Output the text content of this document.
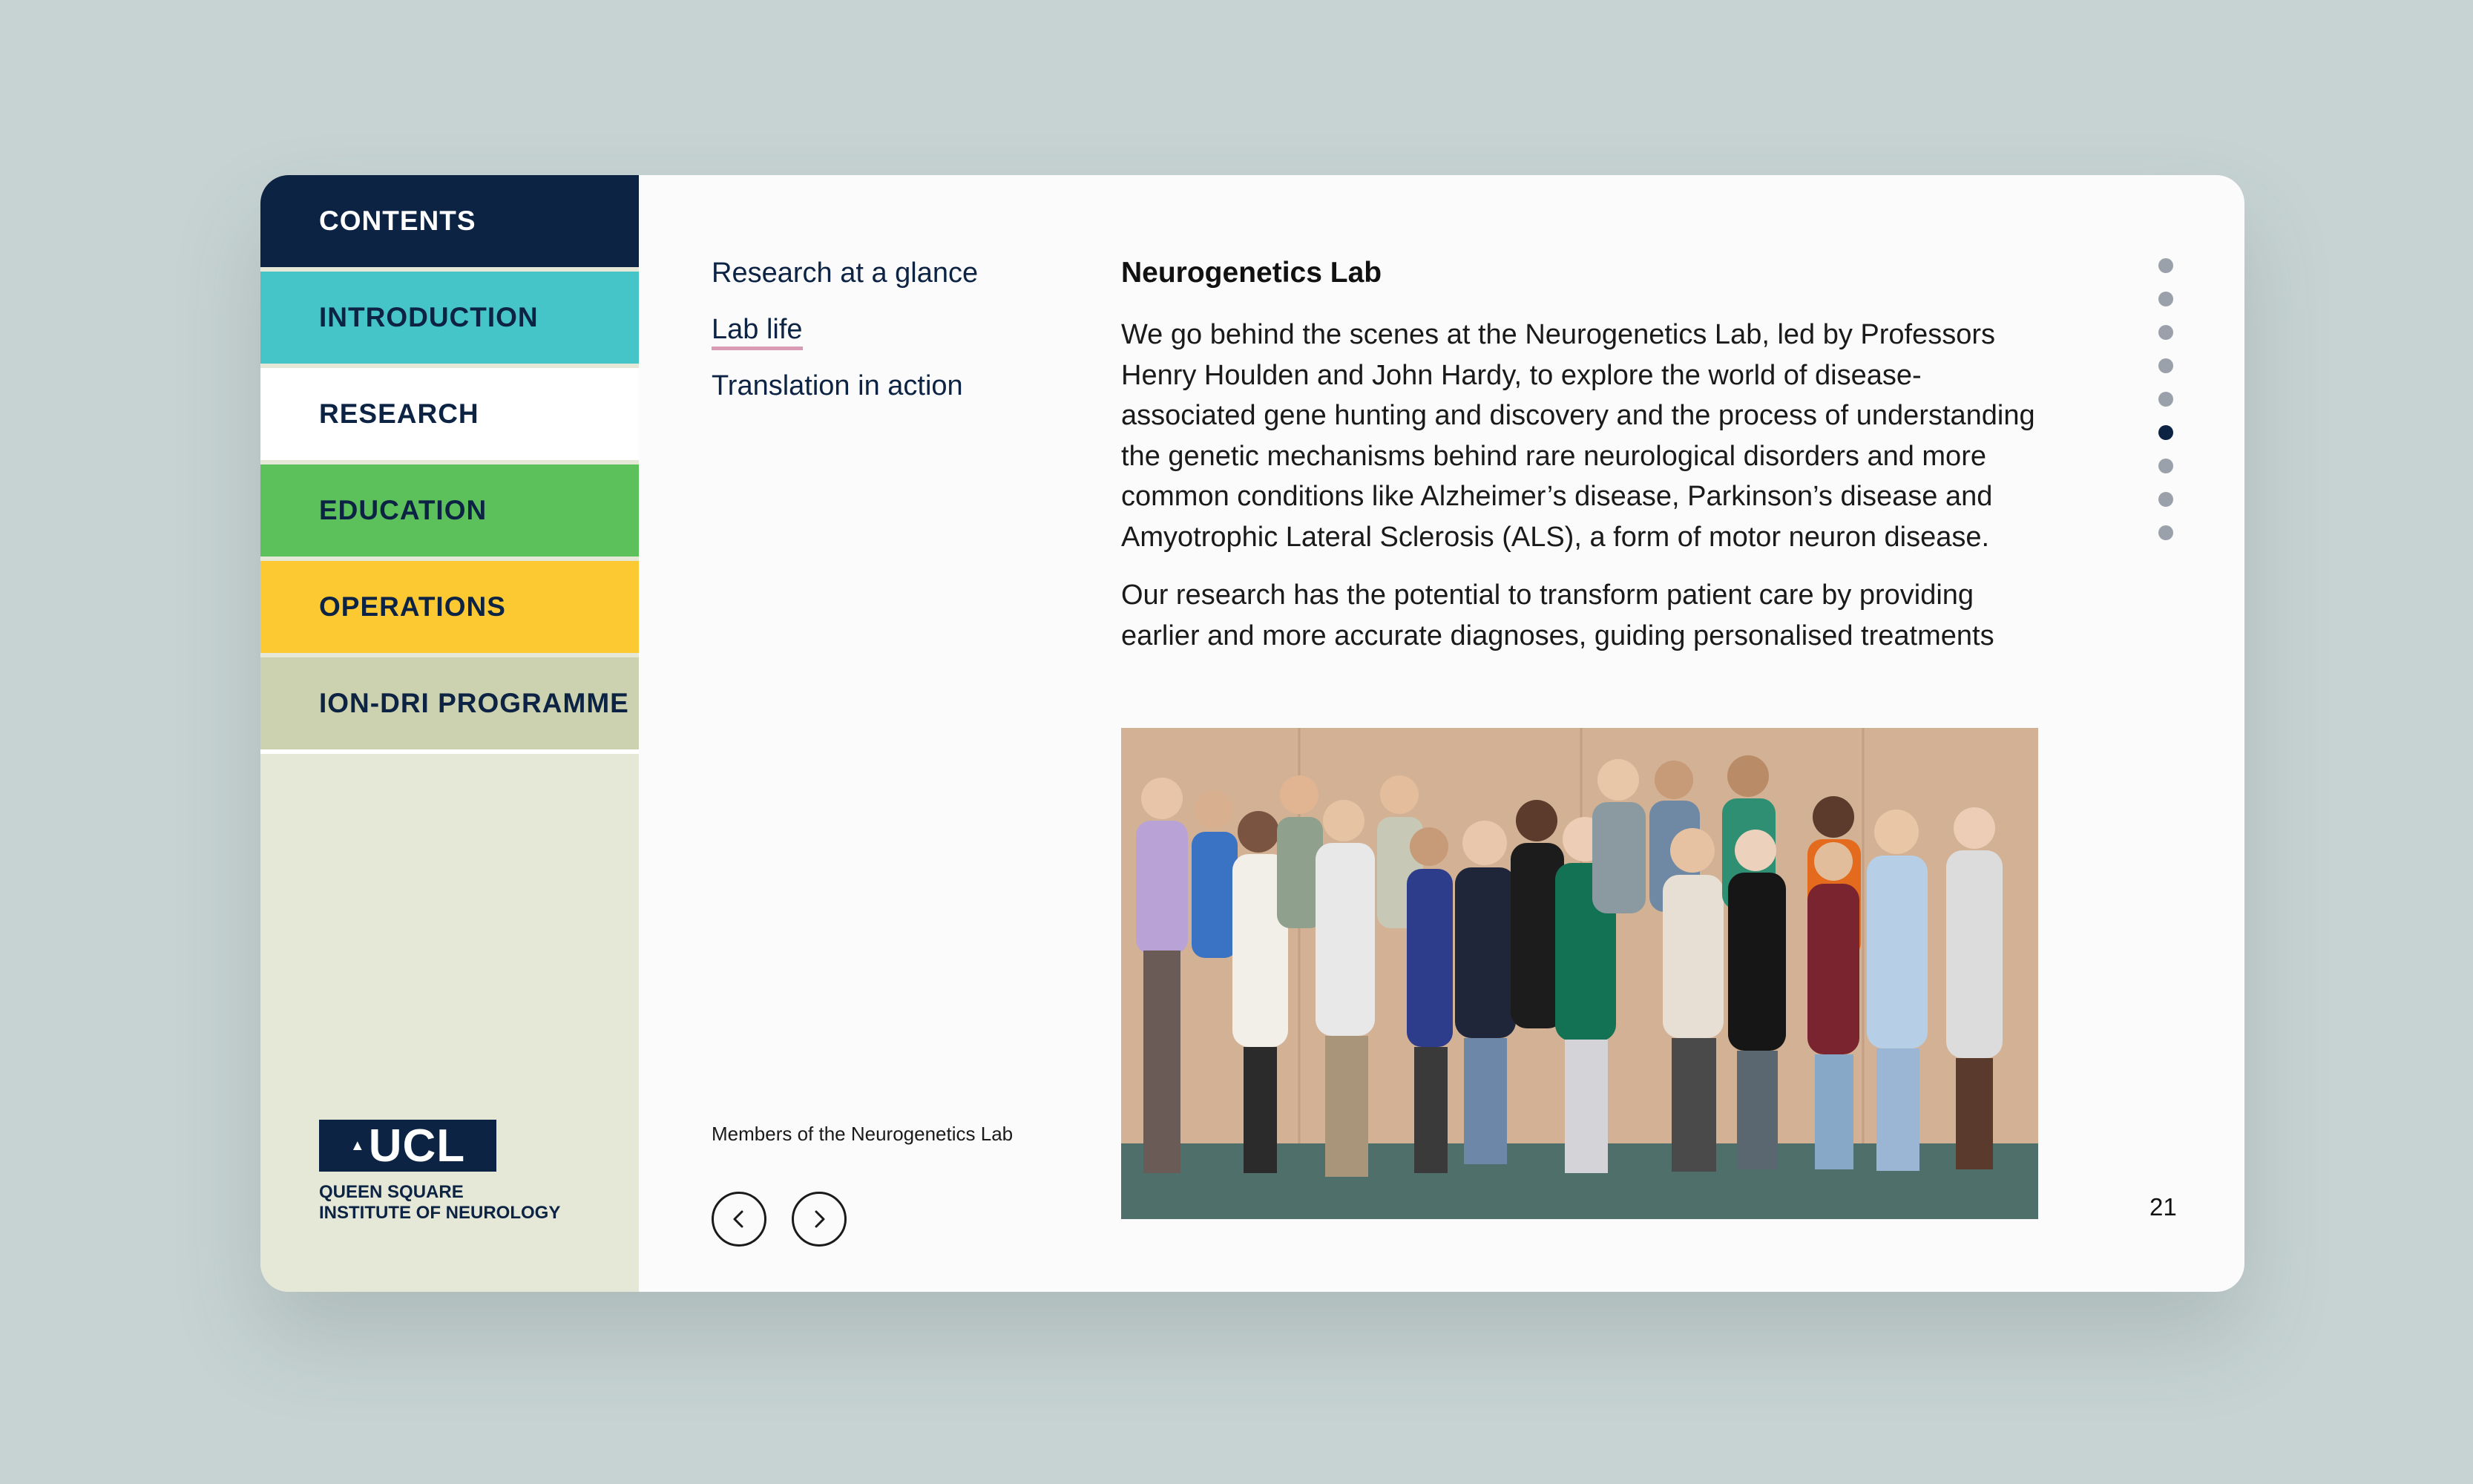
CONTENTS
INTRODUCTION
RESEARCH
EDUCATION
OPERATIONS
ION-DRI PROGRAMME
▲ UCL
QUEEN SQUARE
INSTITUTE OF NEUROLOGY
Research at a glance
Lab life
Translation in action
Members of the Neurogenetics Lab
Neurogenetics Lab

We go behind the scenes at the Neurogenetics Lab, led by Professors Henry Houlden and John Hardy, to explore the world of disease-associated gene hunting and discovery and the process of understanding the genetic mechanisms behind rare neurological disorders and more common conditions like Alzheimer’s disease, Parkinson’s disease and Amyotrophic Lateral Sclerosis (ALS), a form of motor neuron disease.

Our research has the potential to transform patient care by providing earlier and more accurate diagnoses, guiding personalised treatments

21
